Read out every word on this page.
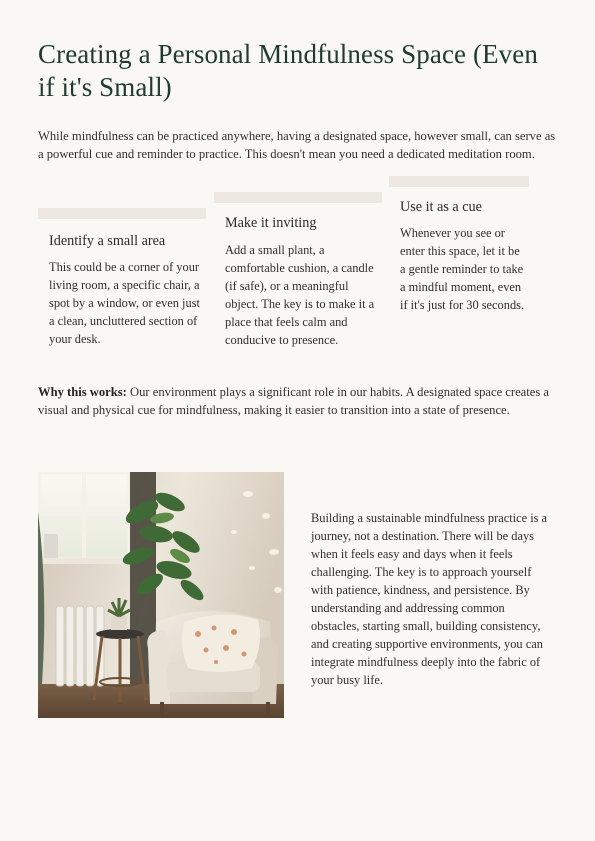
Creating a Personal Mindfulness Space (Even if it's Small)

While mindfulness can be practiced anywhere, having a designated space, however small, can serve as a powerful cue and reminder to practice. This doesn't mean you need a dedicated meditation room.

Identify a small area

This could be a corner of your living room, a specific chair, a spot by a window, or even just a clean, uncluttered section of your desk.

Make it inviting

Add a small plant, a comfortable cushion, a candle (if safe), or a meaningful object. The key is to make it a place that feels calm and conducive to presence.

Use it as a cue

Whenever you see or enter this space, let it be a gentle reminder to take a mindful moment, even if it's just for 30 seconds.

Why this works: Our environment plays a significant role in our habits. A designated space creates a visual and physical cue for mindfulness, making it easier to transition into a state of presence.

Building a sustainable mindfulness practice is a journey, not a destination. There will be days when it feels easy and days when it feels challenging. The key is to approach yourself with patience, kindness, and persistence. By understanding and addressing common obstacles, starting small, building consistency, and creating supportive environments, you can integrate mindfulness deeply into the fabric of your busy life.
